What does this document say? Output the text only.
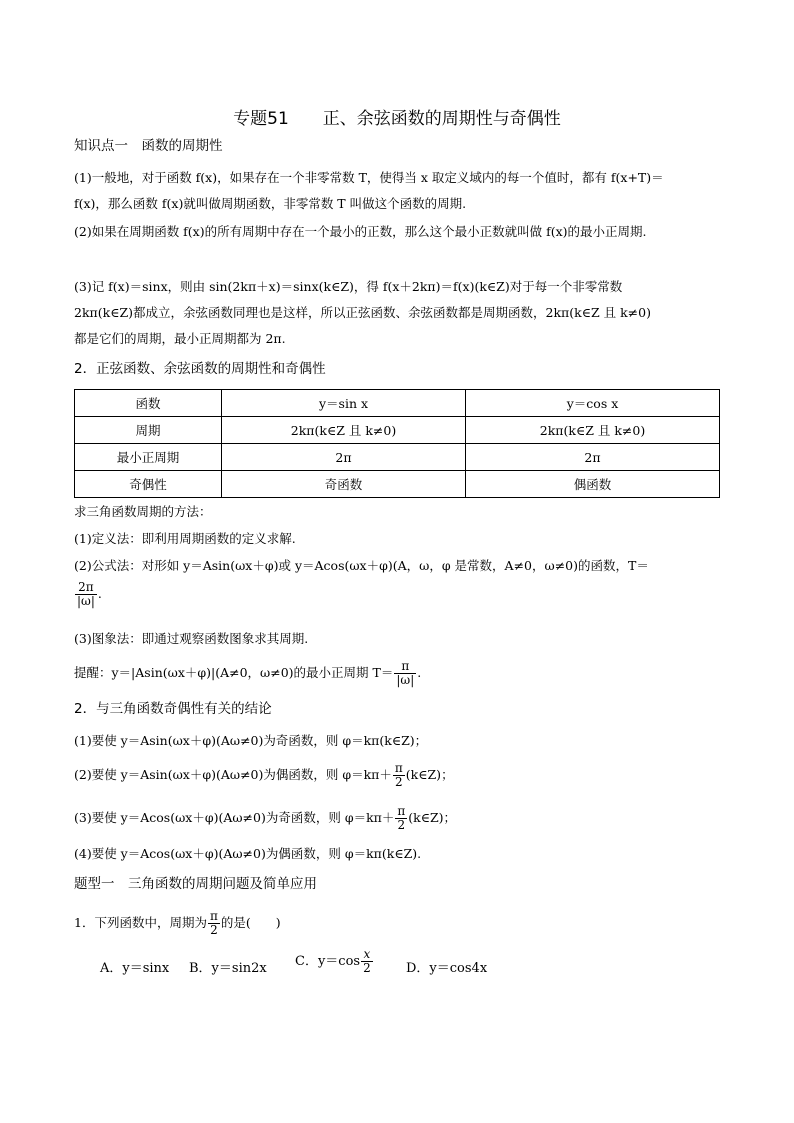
专题51　　正、余弦函数的周期性与奇偶性
知识点一　函数的周期性
(1)一般地，对于函数 f(x)，如果存在一个非零常数 T，使得当 x 取定义域内的每一个值时，都有 f(x+T)＝
f(x)，那么函数 f(x)就叫做周期函数，非零常数 T 叫做这个函数的周期.
(2)如果在周期函数 f(x)的所有周期中存在一个最小的正数，那么这个最小正数就叫做 f(x)的最小正周期.
(3)记 f(x)＝sinx，则由 sin(2kπ＋x)＝sinx(k∈Z)，得 f(x＋2kπ)＝f(x)(k∈Z)对于每一个非零常数
2kπ(k∈Z)都成立，余弦函数同理也是这样，所以正弦函数、余弦函数都是周期函数，2kπ(k∈Z 且 k≠0)
都是它们的周期，最小正周期都为 2π.
2．正弦函数、余弦函数的周期性和奇偶性
函数	y＝sin x	y＝cos x
周期	2kπ(k∈Z 且 k≠0)	2kπ(k∈Z 且 k≠0)
最小正周期	2π	2π
奇偶性	奇函数	偶函数
求三角函数周期的方法：
(1)定义法：即利用周期函数的定义求解.
(2)公式法：对形如 y＝Asin(ωx＋φ)或 y＝Acos(ωx＋φ)(A，ω，φ 是常数，A≠0，ω≠0)的函数，T＝
$\frac{2\pi}{|\omega|}$ .
(3)图象法：即通过观察函数图象求其周期.
提醒：y＝|Asin(ωx＋φ)|(A≠0，ω≠0)的最小正周期 $T= \frac{\pi}{|\omega|}$ .
2．与三角函数奇偶性有关的结论
(1)要使 y＝Asin(ωx＋φ)(Aω≠0)为奇函数，则 φ＝kπ(k∈Z)；
(2)要使 y＝Asin(ωx＋φ)(Aω≠0)为偶函数，则 $\varphi=k\pi+ \frac{\pi}{2}$ (k∈Z)；
(3)要使 y＝Acos(ωx＋φ)(Aω≠0)为奇函数，则 $\varphi=k\pi+ \frac{\pi}{2}$ (k∈Z)；
(4)要使 y＝Acos(ωx＋φ)(Aω≠0)为偶函数，则 φ＝kπ(k∈Z).
题型一　三角函数的周期问题及简单应用
1．下列函数中，周期为 $\frac{\pi}{2}$ 的是(　　)
A．y＝sinx B．y＝sin2x C．$y=\cos \frac{x}{2}$	D．y＝cos4x
